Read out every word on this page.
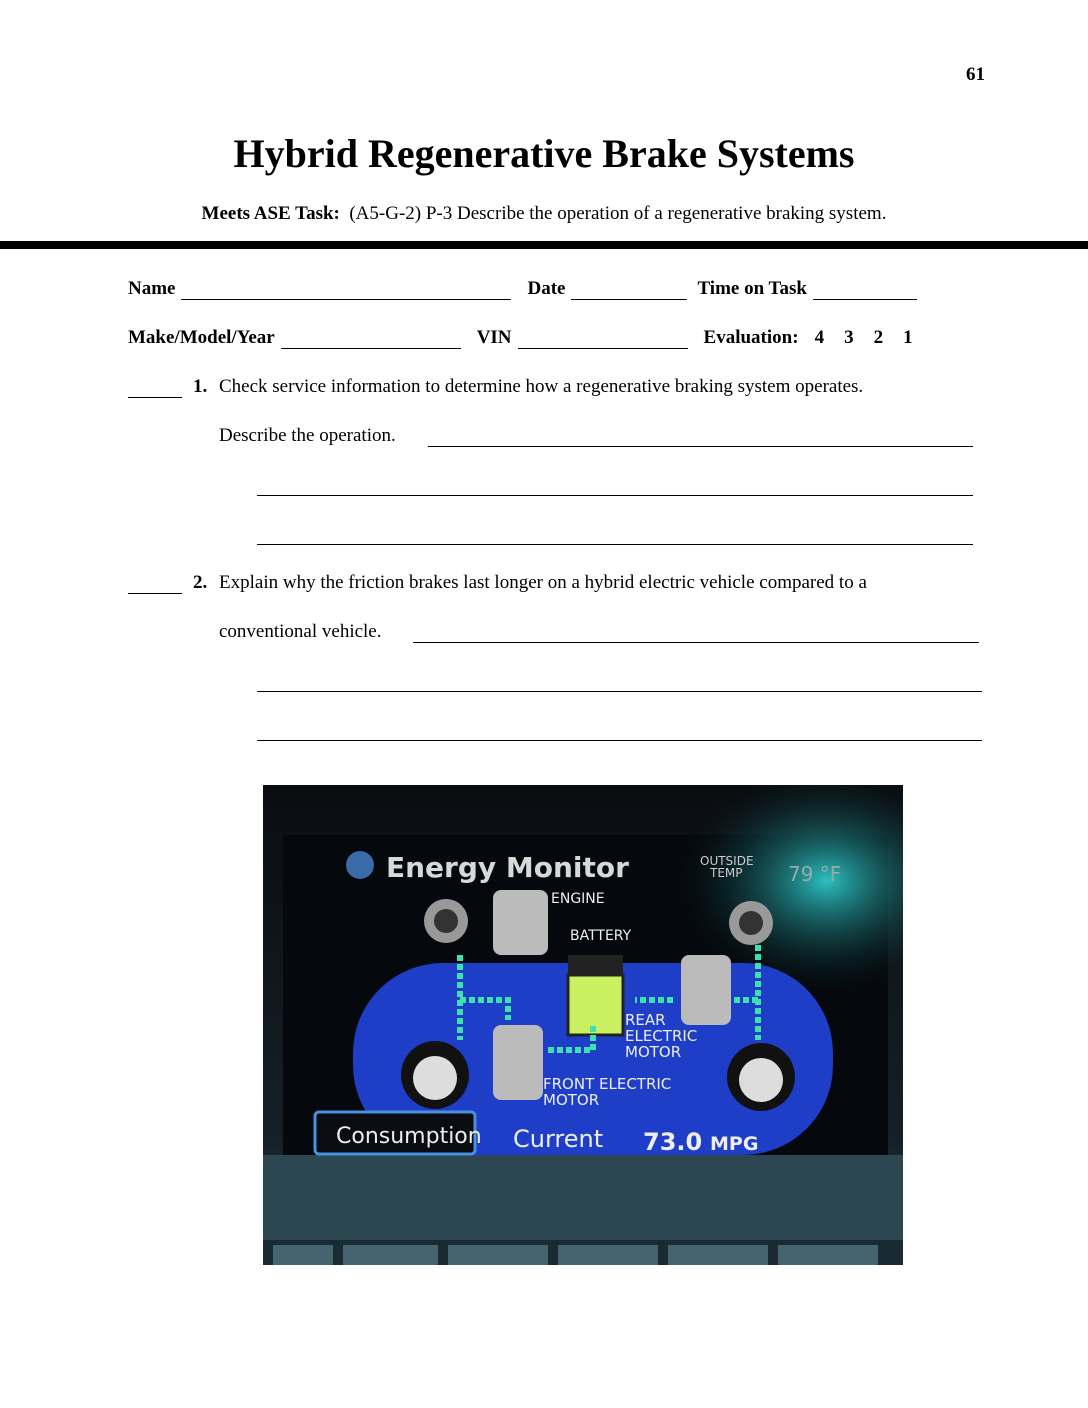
61
Hybrid Regenerative Brake Systems
Meets ASE Task: (A5-G-2) P-3 Describe the operation of a regenerative braking system.
Name	Date	Time on Task
Make/Model/Year	VIN	Evaluation: 4 3 2 1
1. Check service information to determine how a regenerative braking system operates.
Describe the operation.
2. Explain why the friction brakes last longer on a hybrid electric vehicle compared to a
conventional vehicle.
Energy Monitor	OUTSIDE
TEMP 79 °F
ENGINE
BATTERY
REAR
ELECTRIC
MOTOR
FRONT ELECTRIC
MOTOR
Consumption Current 73.0 MPG
